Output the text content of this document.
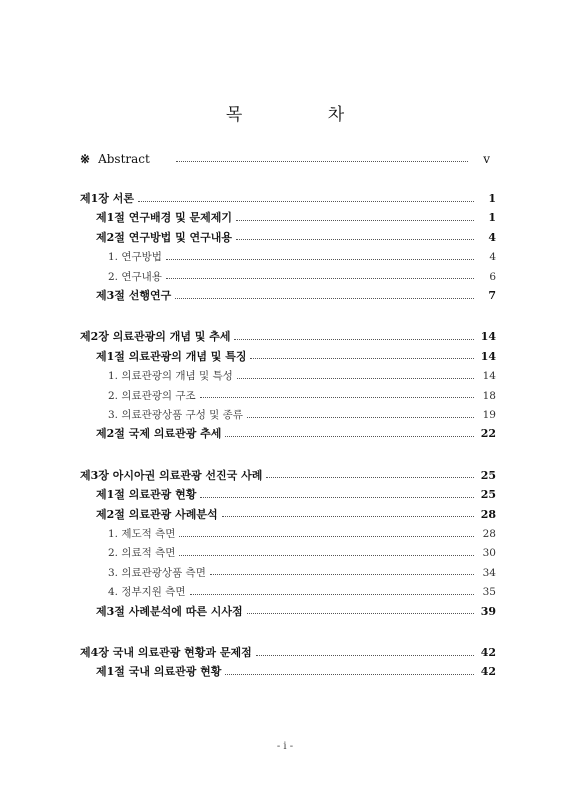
목 차
※ Abstract	v
제1장 서론	1
제1절 연구배경 및 문제제기	1
제2절 연구방법 및 연구내용	4
1. 연구방법	4
2. 연구내용	6
제3절 선행연구	7
제2장 의료관광의 개념 및 추세	14
제1절 의료관광의 개념 및 특징	14
1. 의료관광의 개념 및 특성	14
2. 의료관광의 구조	18
3. 의료관광상품 구성 및 종류	19
제2절 국제 의료관광 추세	22
제3장 아시아권 의료관광 선진국 사례	25
제1절 의료관광 현황	25
제2절 의료관광 사례분석	28
1. 제도적 측면	28
2. 의료적 측면	30
3. 의료관광상품 측면	34
4. 정부지원 측면	35
제3절 사례분석에 따른 시사점	39
제4장 국내 의료관광 현황과 문제점	42
제1절 국내 의료관광 현황	42
- i -
